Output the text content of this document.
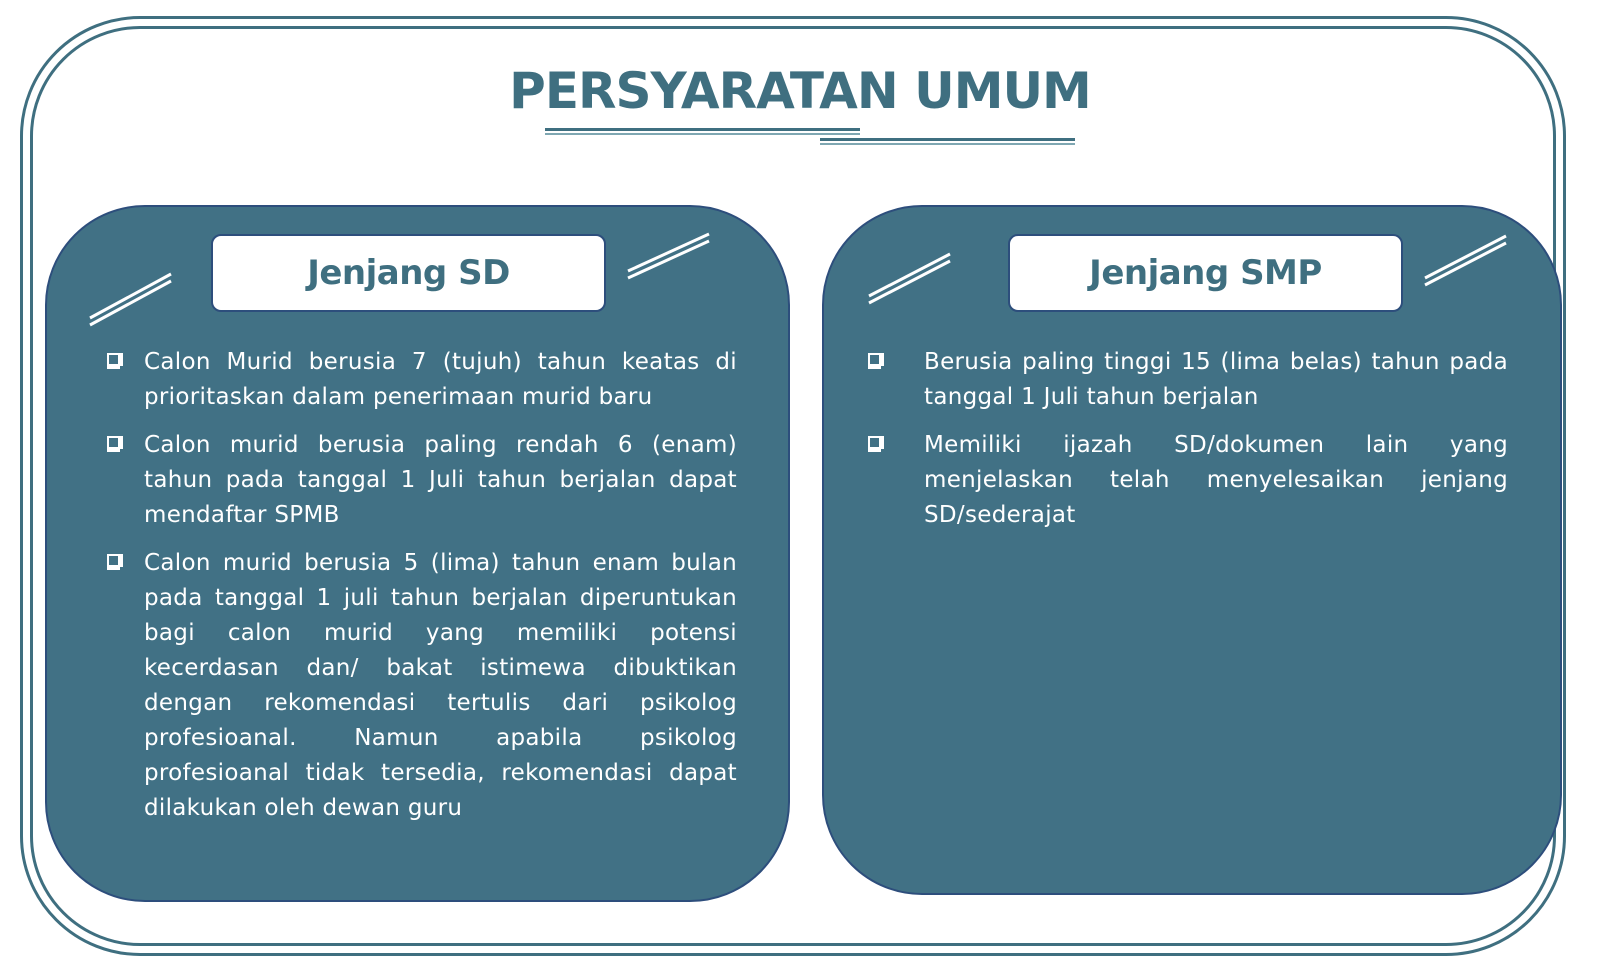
PERSYARATAN UMUM
Jenjang SD
Calon Murid berusia 7 (tujuh) tahun keatas di prioritaskan dalam penerimaan murid baru
Calon murid berusia paling rendah 6 (enam) tahun pada tanggal 1 Juli tahun berjalan dapat mendaftar SPMB
Calon murid berusia 5 (lima) tahun enam bulan pada tanggal 1 juli tahun berjalan diperuntukan bagi calon murid yang memiliki potensi kecerdasan dan/ bakat istimewa dibuktikan dengan rekomendasi tertulis dari psikolog profesioanal. Namun apabila psikolog profesioanal tidak tersedia, rekomendasi dapat dilakukan oleh dewan guru
Jenjang SMP
Berusia paling tinggi 15 (lima belas) tahun pada tanggal 1 Juli tahun berjalan
Memiliki ijazah SD/dokumen lain yang menjelaskan telah menyelesaikan jenjang SD/sederajat
